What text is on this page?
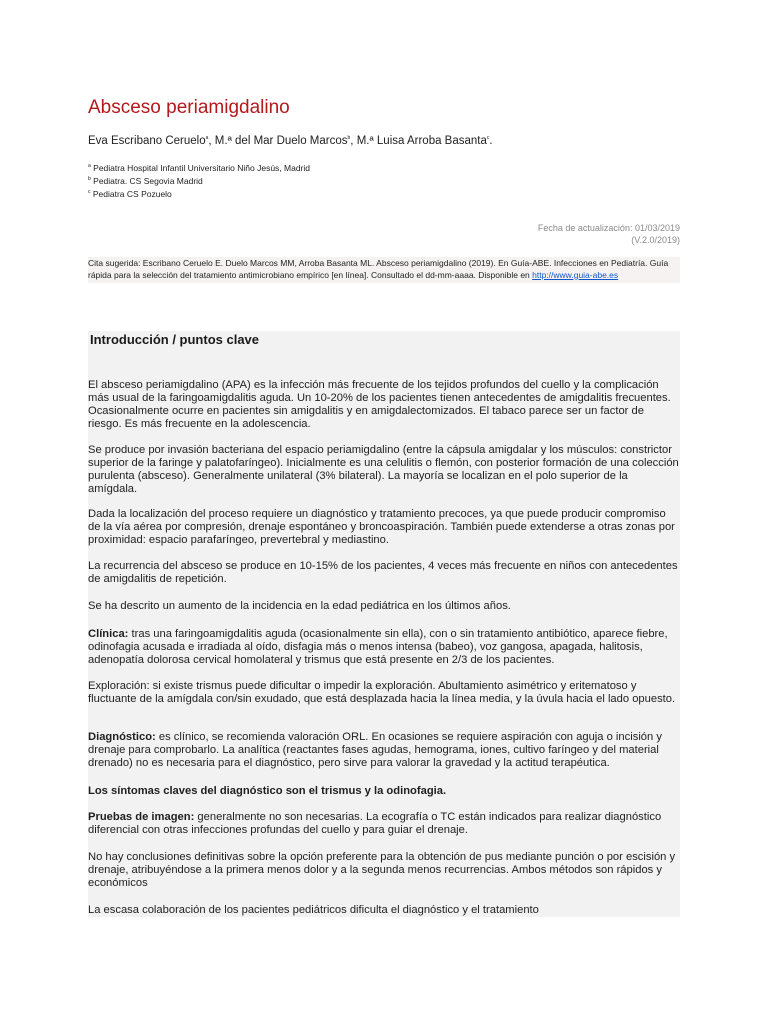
Absceso periamigdalino
Eva Escribano Ceruelo$^a$, M.ª del Mar Duelo Marcos$^b$, M.ª Luisa Arroba Basanta$^c$.
$^a$ Pediatra Hospital Infantil Universitario Niño Jesús, Madrid
$^b$ Pediatra. CS Segovia Madrid
$^c$ Pediatra CS Pozuelo
Fecha de actualización: 01/03/2019
(V.2.0/2019)
Cita sugerida: Escribano Ceruelo E. Duelo Marcos MM, Arroba Basanta ML. Absceso periamigdalino (2019). En Guía-ABE. Infecciones en Pediatría. Guía rápida para la selección del tratamiento antimicrobiano empírico [en línea]. Consultado el dd-mm-aaaa. Disponible en http://www.guia-abe.es
Introducción / puntos clave

El absceso periamigdalino (APA) es la infección más frecuente de los tejidos profundos del cuello y la complicación más usual de la faringoamigdalitis aguda. Un 10-20% de los pacientes tienen antecedentes de amigdalitis frecuentes. Ocasionalmente ocurre en pacientes sin amigdalitis y en amigdalectomizados. El tabaco parece ser un factor de riesgo. Es más frecuente en la adolescencia.

Se produce por invasión bacteriana del espacio periamigdalino (entre la cápsula amigdalar y los músculos: constrictor superior de la faringe y palatofaríngeo). Inicialmente es una celulitis o flemón, con posterior formación de una colección purulenta (absceso). Generalmente unilateral (3% bilateral). La mayoría se localizan en el polo superior de la amígdala.

Dada la localización del proceso requiere un diagnóstico y tratamiento precoces, ya que puede producir compromiso de la vía aérea por compresión, drenaje espontáneo y broncoaspiración. También puede extenderse a otras zonas por proximidad: espacio parafaríngeo, prevertebral y mediastino.

La recurrencia del absceso se produce en 10-15% de los pacientes, 4 veces más frecuente en niños con antecedentes de amigdalitis de repetición.

Se ha descrito un aumento de la incidencia en la edad pediátrica en los últimos años.

Clínica: tras una faringoamigdalitis aguda (ocasionalmente sin ella), con o sin tratamiento antibiótico, aparece fiebre, odinofagia acusada e irradiada al oído, disfagia más o menos intensa (babeo), voz gangosa, apagada, halitosis, adenopatía dolorosa cervical homolateral y trismus que está presente en 2/3 de los pacientes.

Exploración: si existe trismus puede dificultar o impedir la exploración. Abultamiento asimétrico y eritematoso y fluctuante de la amígdala con/sin exudado, que está desplazada hacia la línea media, y la úvula hacia el lado opuesto.

Diagnóstico: es clínico, se recomienda valoración ORL. En ocasiones se requiere aspiración con aguja o incisión y drenaje para comprobarlo. La analítica (reactantes fases agudas, hemograma, iones, cultivo faríngeo y del material drenado) no es necesaria para el diagnóstico, pero sirve para valorar la gravedad y la actitud terapéutica.

Los síntomas claves del diagnóstico son el trismus y la odinofagia.

Pruebas de imagen: generalmente no son necesarias. La ecografía o TC están indicados para realizar diagnóstico diferencial con otras infecciones profundas del cuello y para guiar el drenaje.

No hay conclusiones definitivas sobre la opción preferente para la obtención de pus mediante punción o por escisión y drenaje, atribuyéndose a la primera menos dolor y a la segunda menos recurrencias. Ambos métodos son rápidos y económicos

La escasa colaboración de los pacientes pediátricos dificulta el diagnóstico y el tratamiento
